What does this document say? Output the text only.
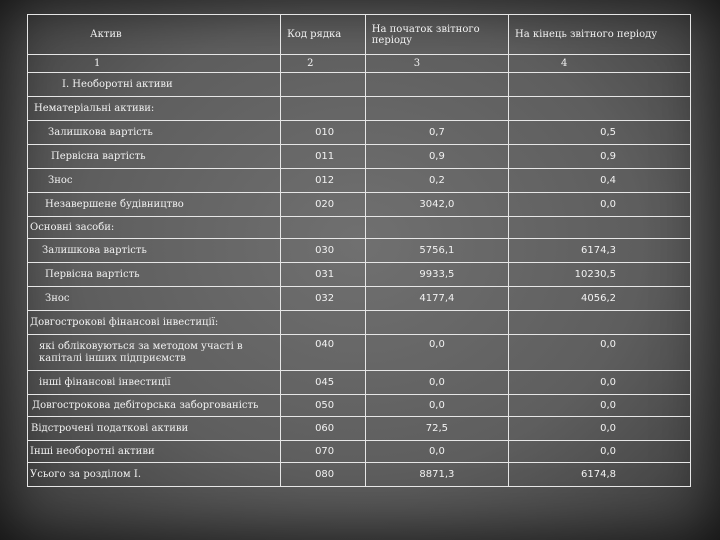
Актив	Код рядка	На початок звітного періоду	На кінець звітного періоду
1	2	3	4
І. Необоротні активи			
Нематеріальні активи:			
Залишкова вартість	010	0,7	0,5
Первісна вартість	011	0,9	0,9
Знос	012	0,2	0,4
Незавершене будівництво	020	3042,0	0,0
Основні засоби:			
Залишкова вартість	030	5756,1	6174,3
Первісна вартість	031	9933,5	10230,5
Знос	032	4177,4	4056,2
Довгострокові фінансові інвестиції:			
які обліковуються за методом участі в капіталі інших підприємств	040	0,0	0,0
інші фінансові інвестиції	045	0,0	0,0
Довгострокова дебіторська заборгованість	050	0,0	0,0
Відстрочені податкові активи	060	72,5	0,0
Інші необоротні активи	070	0,0	0,0
Усього за розділом I.	080	8871,3	6174,8
